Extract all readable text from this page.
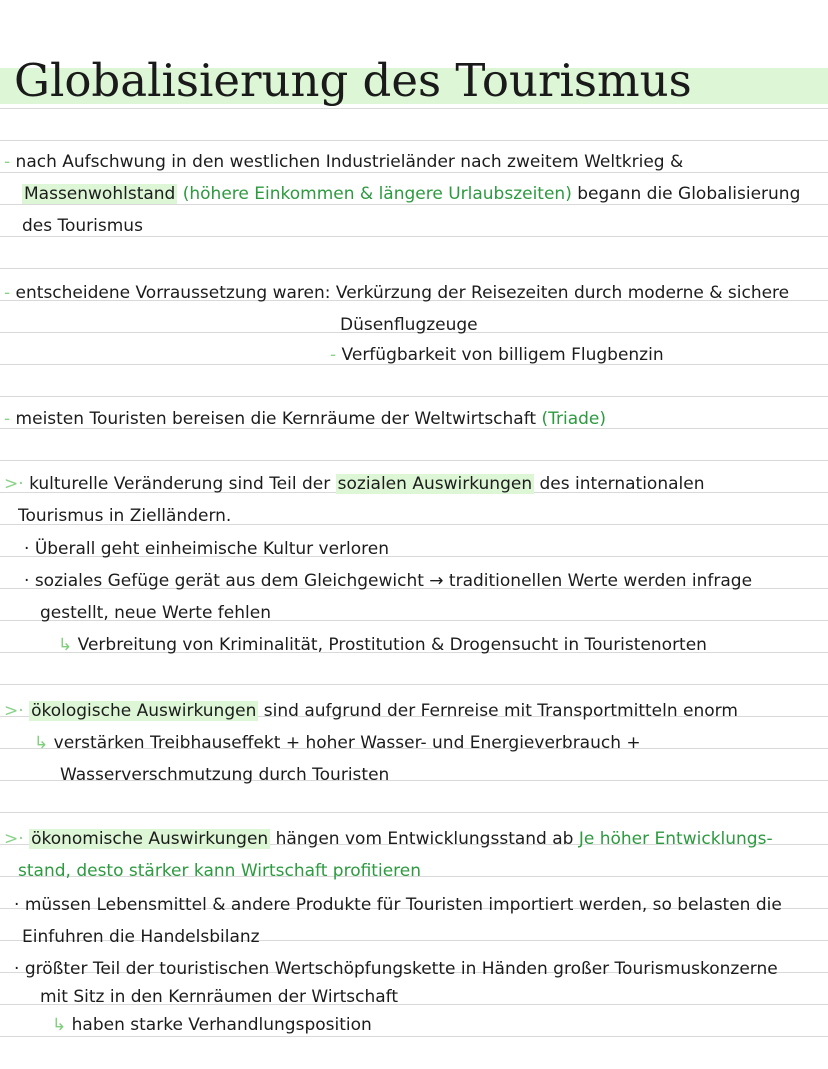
Globalisierung des Tourismus
- nach Aufschwung in den westlichen Industrieländer nach zweitem Weltkrieg &
Massenwohlstand (höhere Einkommen & längere Urlaubszeiten) begann die Globalisierung
des Tourismus
- entscheidene Vorraussetzung waren: Verkürzung der Reisezeiten durch moderne & sichere
Düsenflugzeuge
- Verfügbarkeit von billigem Flugbenzin
- meisten Touristen bereisen die Kernräume der Weltwirtschaft (Triade)
>· kulturelle Veränderung sind Teil der sozialen Auswirkungen des internationalen
Tourismus in Zielländern.
· Überall geht einheimische Kultur verloren
· soziales Gefüge gerät aus dem Gleichgewicht → traditionellen Werte werden infrage
gestellt, neue Werte fehlen
↳ Verbreitung von Kriminalität, Prostitution & Drogensucht in Touristenorten
>· ökologische Auswirkungen sind aufgrund der Fernreise mit Transportmitteln enorm
↳ verstärken Treibhauseffekt + hoher Wasser- und Energieverbrauch +
Wasserverschmutzung durch Touristen
>· ökonomische Auswirkungen hängen vom Entwicklungsstand ab Je höher Entwicklungs-
stand, desto stärker kann Wirtschaft profitieren
· müssen Lebensmittel & andere Produkte für Touristen importiert werden, so belasten die
Einfuhren die Handelsbilanz
· größter Teil der touristischen Wertschöpfungskette in Händen großer Tourismuskonzerne
mit Sitz in den Kernräumen der Wirtschaft
↳ haben starke Verhandlungsposition
